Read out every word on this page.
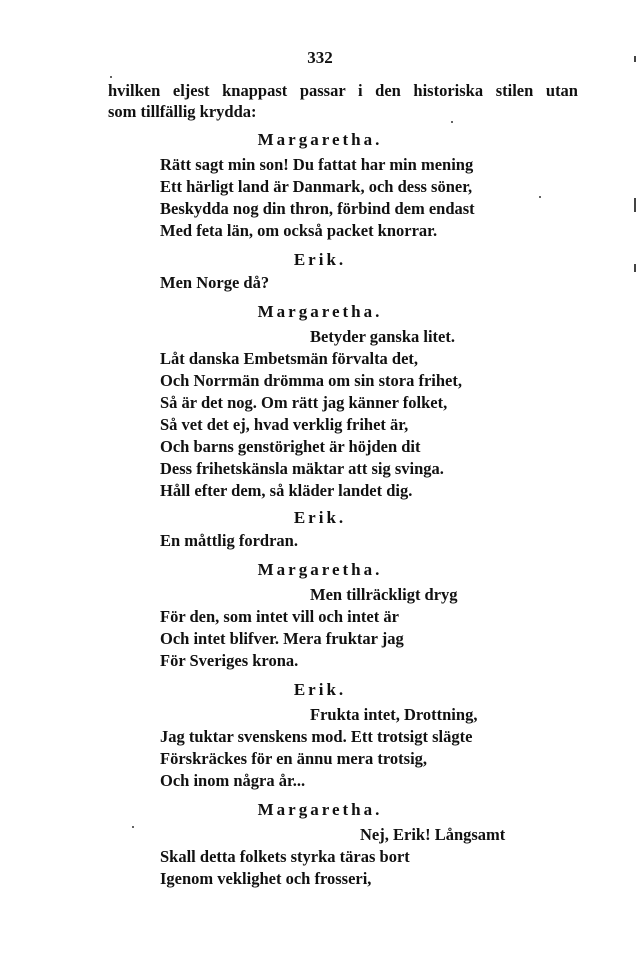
332
hvilken eljest knappast passar i den historiska stilen utan
som tillfällig krydda:
Margaretha.
Rätt sagt min son! Du fattat har min mening
Ett härligt land är Danmark, och dess söner,
Beskydda nog din thron, förbind dem endast
Med feta län, om också packet knorrar.
Erik.
Men Norge då?
Margaretha.
Betyder ganska litet.
Låt danska Embetsmän förvalta det,
Och Norrmän drömma om sin stora frihet,
Så är det nog. Om rätt jag känner folket,
Så vet det ej, hvad verklig frihet är,
Och barns genstörighet är höjden dit
Dess frihetskänsla mäktar att sig svinga.
Håll efter dem, så kläder landet dig.
Erik.
En måttlig fordran.
Margaretha.
Men tillräckligt dryg
För den, som intet vill och intet är
Och intet blifver. Mera fruktar jag
För Sveriges krona.
Erik.
Frukta intet, Drottning,
Jag tuktar svenskens mod. Ett trotsigt slägte
Förskräckes för en ännu mera trotsig,
Och inom några år...
Margaretha.
Nej, Erik! Långsamt
Skall detta folkets styrka täras bort
Igenom veklighet och frosseri,
